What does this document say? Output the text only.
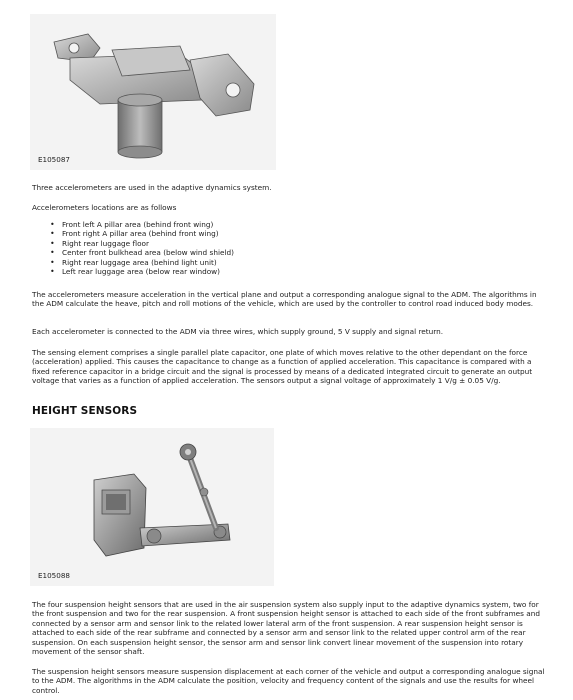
E105087

Three accelerometers are used in the adaptive dynamics system.

Accelerometers locations are as follows

• Front left A pillar area (behind front wing)
• Front right A pillar area (behind front wing)
• Right rear luggage floor
• Center front bulkhead area (below wind shield)
• Right rear luggage area (behind light unit)
• Left rear luggage area (below rear window)

The accelerometers measure acceleration in the vertical plane and output a corresponding analogue signal to the ADM. The algorithms in the ADM calculate the heave, pitch and roll motions of the vehicle, which are used by the controller to control road induced body modes.

Each accelerometer is connected to the ADM via three wires, which supply ground, 5 V supply and signal return.

The sensing element comprises a single parallel plate capacitor, one plate of which moves relative to the other dependant on the force (acceleration) applied. This causes the capacitance to change as a function of applied acceleration. This capacitance is compared with a fixed reference capacitor in a bridge circuit and the signal is processed by means of a dedicated integrated circuit to generate an output voltage that varies as a function of applied acceleration. The sensors output a signal voltage of approximately 1 V/g ± 0.05 V/g.

HEIGHT SENSORS
E105088

The four suspension height sensors that are used in the air suspension system also supply input to the adaptive dynamics system, two for the front suspension and two for the rear suspension. A front suspension height sensor is attached to each side of the front subframes and connected by a sensor arm and sensor link to the related lower lateral arm of the front suspension. A rear suspension height sensor is attached to each side of the rear subframe and connected by a sensor arm and sensor link to the related upper control arm of the rear suspension. On each suspension height sensor, the sensor arm and sensor link convert linear movement of the suspension into rotary movement of the sensor shaft.

The suspension height sensors measure suspension displacement at each corner of the vehicle and output a corresponding analogue signal to the ADM. The algorithms in the ADM calculate the position, velocity and frequency content of the signals and use the results for wheel control.
